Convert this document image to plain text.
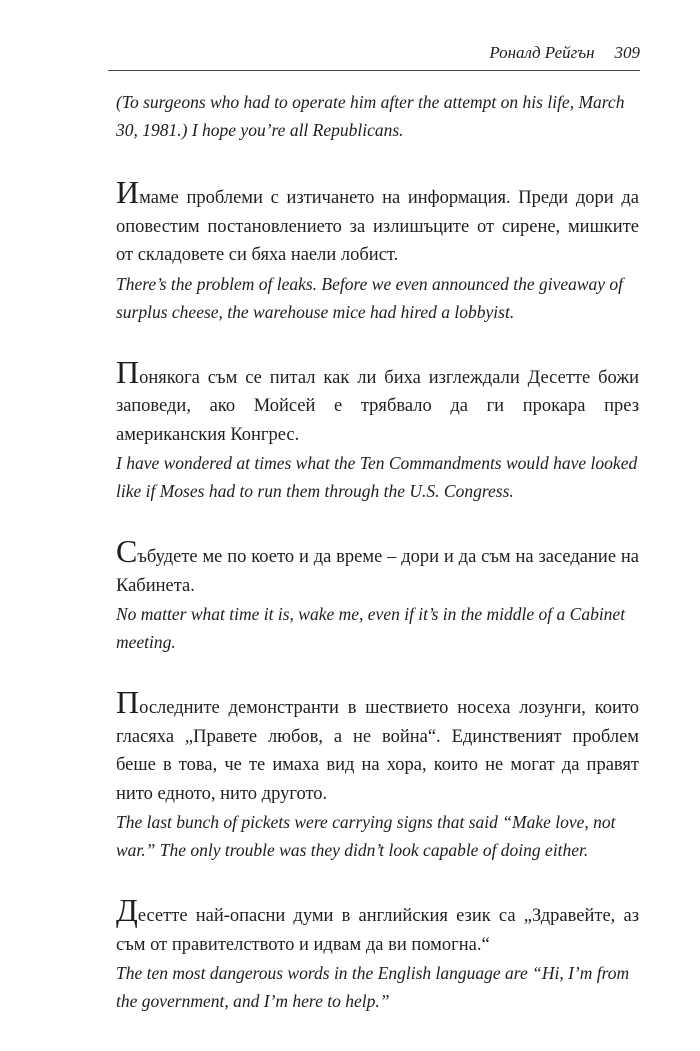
Роналд Рейгън 309

(To surgeons who had to operate him after the attempt on his life, March 30, 1981.) I hope you’re all Republicans.

Имаме проблеми с изтичането на информация. Преди дори да оповестим постановлението за излишъците от сирене, мишките от складовете си бяха наели лобист.

There’s the problem of leaks. Before we even announced the giveaway of surplus cheese, the warehouse mice had hired a lobbyist.

Понякога съм се питал как ли биха изглеждали Десетте божи заповеди, ако Мойсей е трябвало да ги прокара през американския Конгрес.

I have wondered at times what the Ten Commandments would have looked like if Moses had to run them through the U.S. Congress.

Събудете ме по което и да време – дори и да съм на заседание на Кабинета.

No matter what time it is, wake me, even if it’s in the middle of a Cabinet meeting.

Последните демонстранти в шествието носеха лозунги, които гласяха „Правете любов, а не война“. Единственият проблем беше в това, че те имаха вид на хора, които не могат да правят нито едното, нито другото.

The last bunch of pickets were carrying signs that said “Make love, not war.” The only trouble was they didn’t look capable of doing either.

Десетте най-опасни думи в английския език са „Здравейте, аз съм от правителството и идвам да ви помогна.“

The ten most dangerous words in the English language are “Hi, I’m from the government, and I’m here to help.”
